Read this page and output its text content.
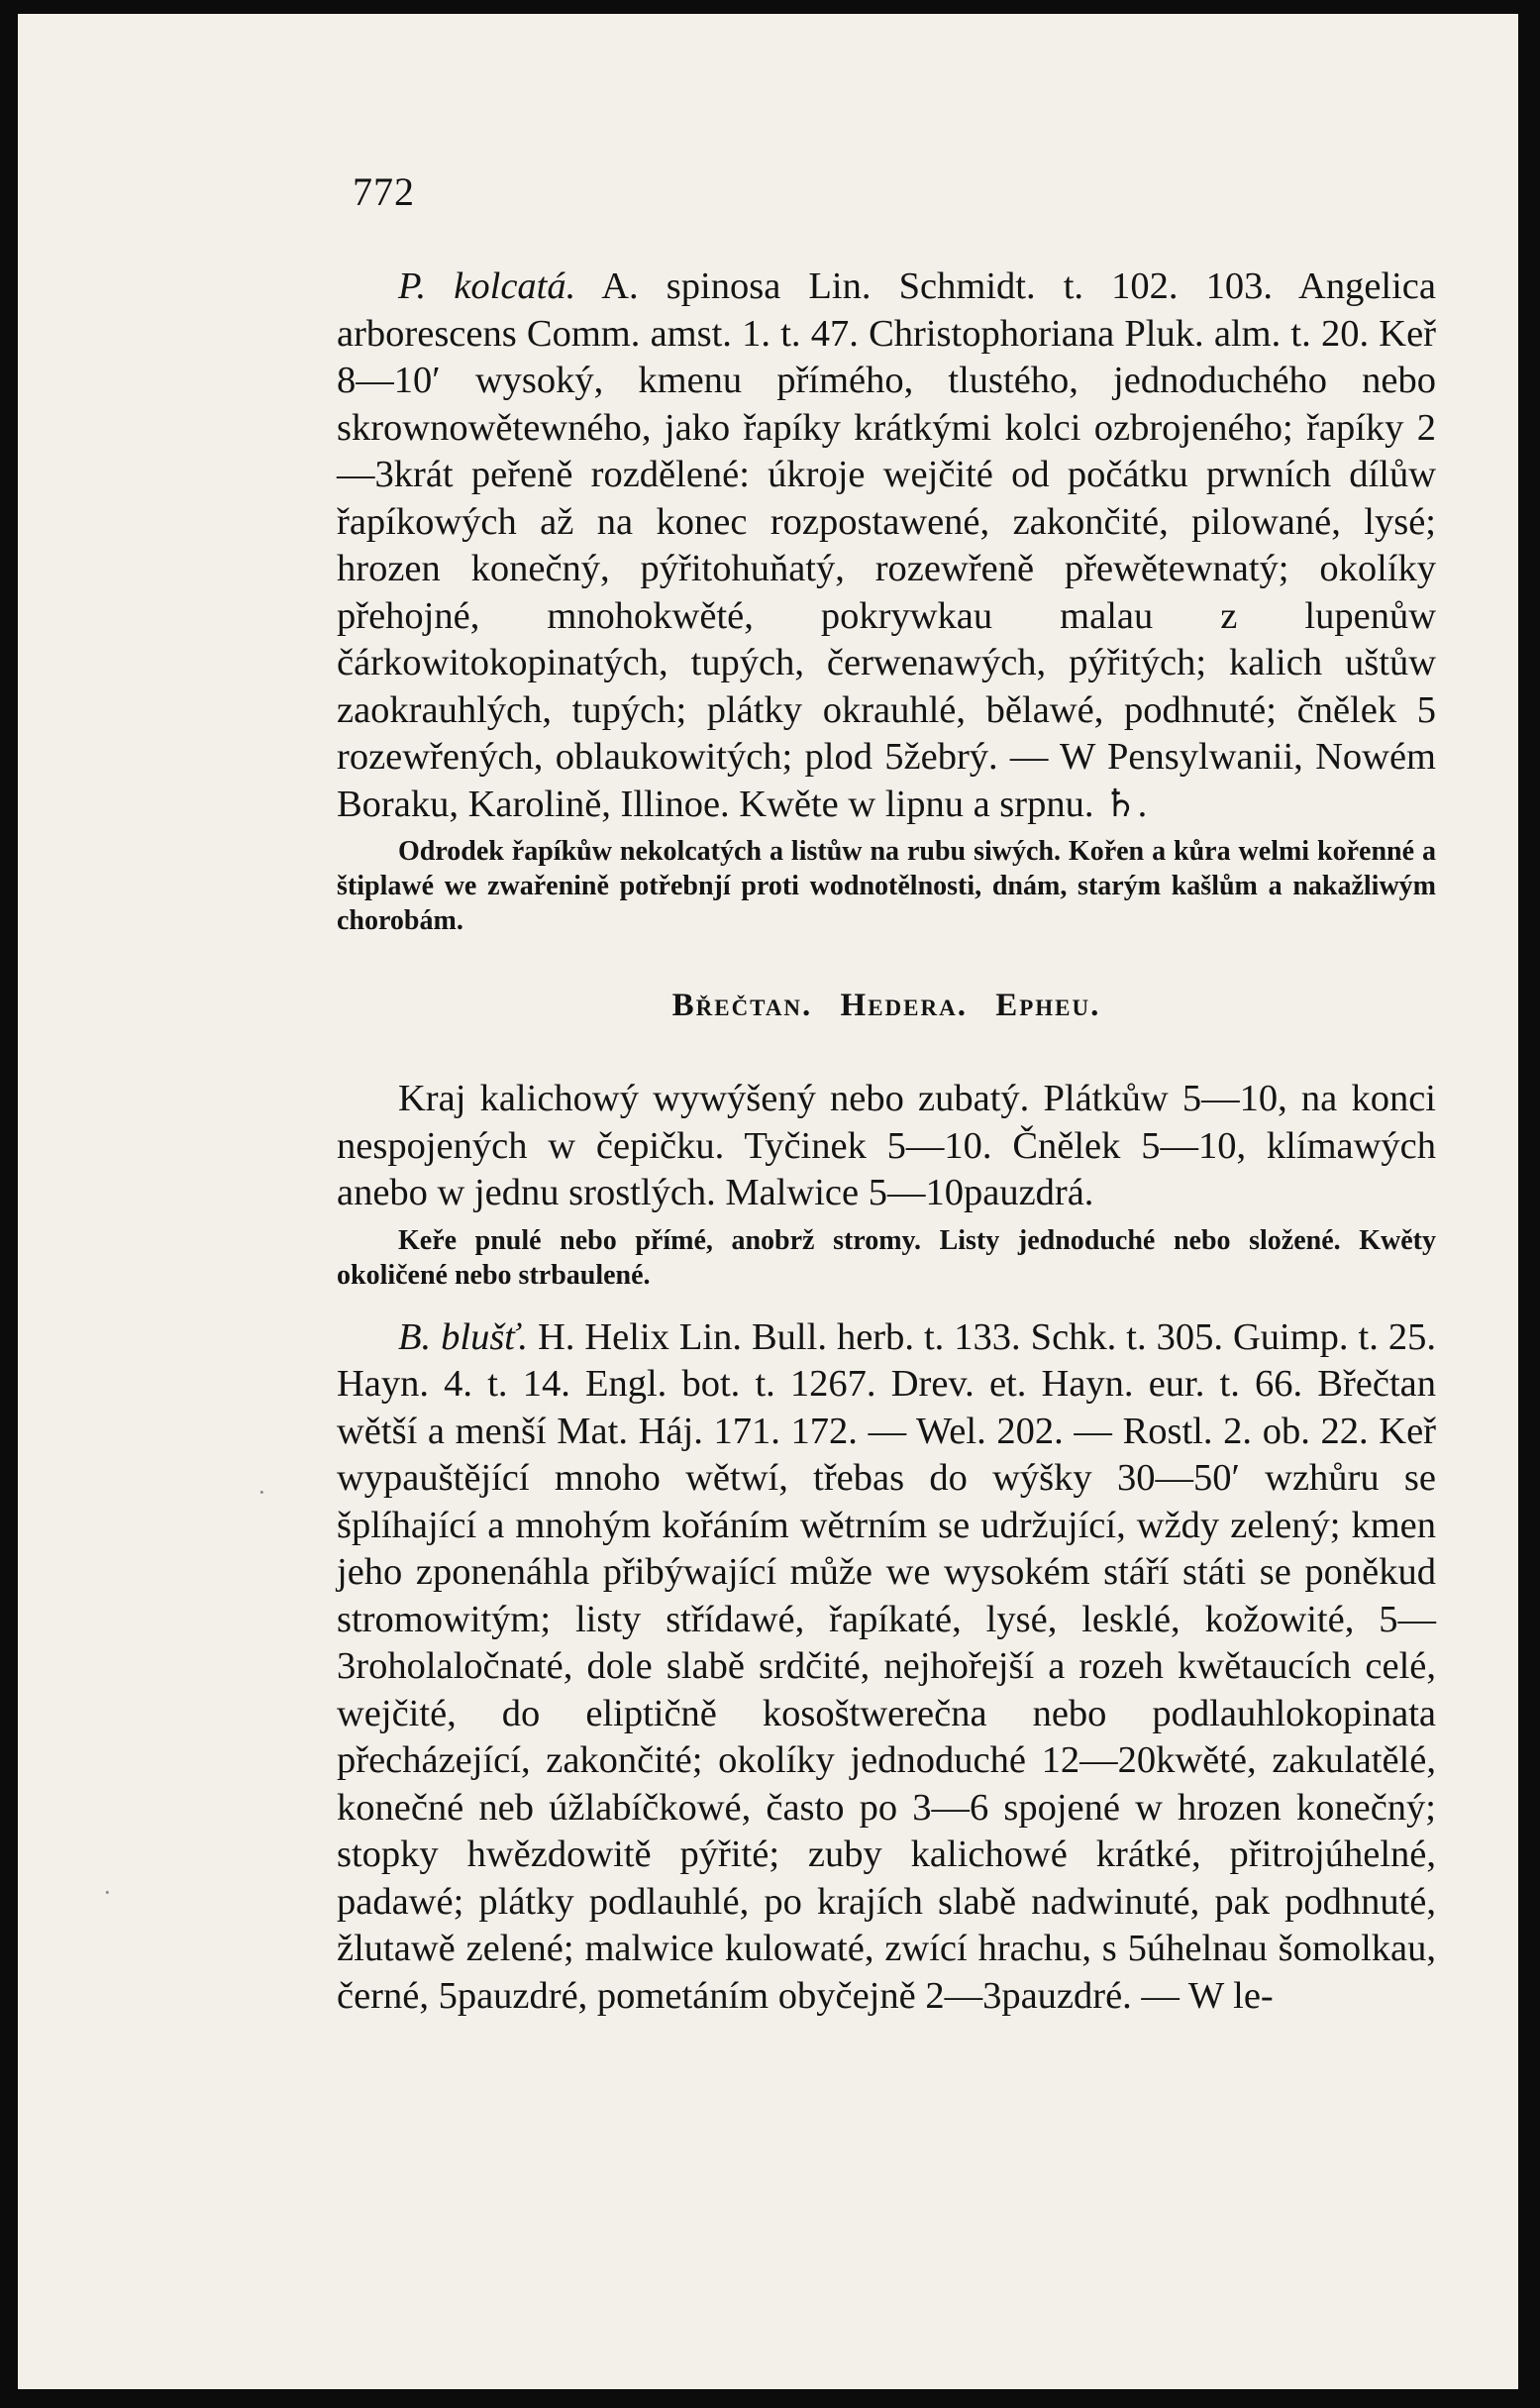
·
·
772

P. kolcatá. A. spinosa Lin. Schmidt. t. 102. 103. Angelica arborescens Comm. amst. 1. t. 47. Christophoriana Pluk. alm. t. 20. Keř 8—10′ wysoký, kmenu přímého, tlustého, jednoduchého nebo skrownowětewného, jako řapíky krátkými kolci ozbrojeného; řapíky 2—3krát peřeně rozdělené: úkroje wejčité od počátku prwních dílůw řapíkowých až na konec rozpostawené, zakončité, pilowané, lysé; hrozen konečný, pýřitohuňatý, rozewřeně přewětewnatý; okolíky přehojné, mnohokwěté, pokrywkau malau z lupenůw čárkowitokopinatých, tupých, čerwenawých, pýřitých; kalich uštůw zaokrauhlých, tupých; plátky okrauhlé, bělawé, podhnuté; čnělek 5 rozewřených, oblaukowitých; plod 5žebrý. — W Pensylwanii, Nowém Boraku, Karolině, Illinoe. Kwěte w lipnu a srpnu. ♄.

Odrodek řapíkůw nekolcatých a listůw na rubu siwých. Kořen a kůra welmi kořenné a štiplawé we zwařenině potřebnjí proti wodnotělnosti, dnám, starým kašlům a nakažliwým chorobám.

Břečtan. Hedera. Epheu.

Kraj kalichowý wywýšený nebo zubatý. Plátkůw 5—10, na konci nespojených w čepičku. Tyčinek 5—10. Čnělek 5—10, klímawých anebo w jednu srostlých. Malwice 5—10pauzdrá.

Keře pnulé nebo přímé, anobrž stromy. Listy jednoduché nebo složené. Kwěty okoličené nebo strbaulené.

B. blušť. H. Helix Lin. Bull. herb. t. 133. Schk. t. 305. Guimp. t. 25. Hayn. 4. t. 14. Engl. bot. t. 1267. Drev. et. Hayn. eur. t. 66. Břečtan wětší a menší Mat. Háj. 171. 172. — Wel. 202. — Rostl. 2. ob. 22. Keř wypauštějící mnoho wětwí, třebas do wýšky 30—50′ wzhůru se šplíhající a mnohým kořáním wětrním se udržující, wždy zelený; kmen jeho zponenáhla přibýwající může we wysokém stáří státi se poněkud stromowitým; listy střídawé, řapíkaté, lysé, lesklé, kožowité, 5—3roholaločnaté, dole slabě srdčité, nejhořejší a rozeh kwětaucích celé, wejčité, do eliptičně kosoštwerečna nebo podlauhlokopinata přecházející, zakončité; okolíky jednoduché 12—20kwěté, zakulatělé, konečné neb úžlabíčkowé, často po 3—6 spojené w hrozen konečný; stopky hwězdowitě pýřité; zuby kalichowé krátké, přitrojúhelné, padawé; plátky podlauhlé, po krajích slabě nadwinuté, pak podhnuté, žlutawě zelené; malwice kulowaté, zwící hrachu, s 5úhelnau šomolkau, černé, 5pauzdré, pometáním obyčejně 2—3pauzdré. — W le-
